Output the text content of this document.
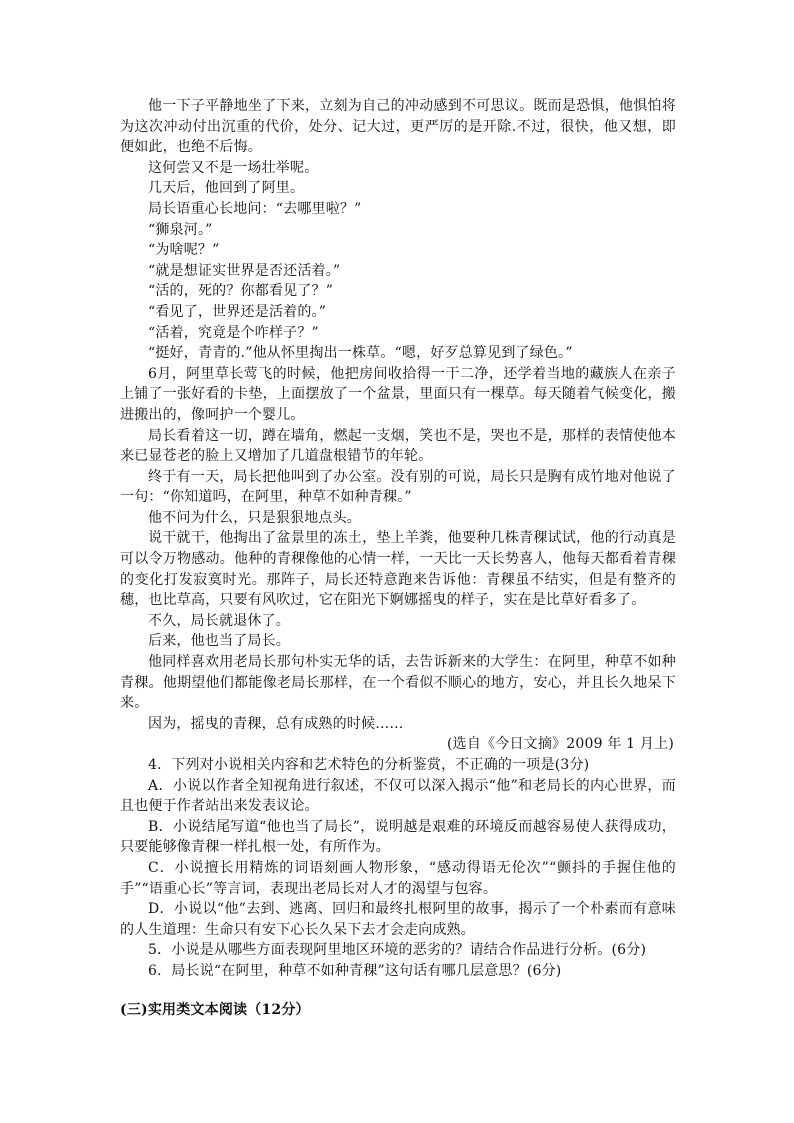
他一下子平静地坐了下来，立刻为自己的冲动感到不可思议。既而是恐惧，他惧怕将为这次冲动付出沉重的代价，处分、记大过，更严厉的是开除.不过，很快，他又想，即便如此，也绝不后悔。

这何尝又不是一场壮举呢。

几天后，他回到了阿里。

局长语重心长地问：“去哪里啦？”

“狮泉河。”

“为啥呢？”

“就是想证实世界是否还活着。”

“活的，死的？你都看见了？”

“看见了，世界还是活着的。”

“活着，究竟是个咋样子？”

“挺好，青青的.”他从怀里掏出一株草。“嗯，好歹总算见到了绿色。”

6月，阿里草长莺飞的时候，他把房间收拾得一干二净，还学着当地的藏族人在亲子上铺了一张好看的卡垫，上面摆放了一个盆景，里面只有一棵草。每天随着气候变化，搬进搬出的，像呵护一个婴儿。

局长看着这一切，蹲在墙角，燃起一支烟，笑也不是，哭也不是，那样的表情使他本来已显苍老的脸上又增加了几道盘根错节的年轮。

终于有一天，局长把他叫到了办公室。没有别的可说，局长只是胸有成竹地对他说了一句：“你知道吗，在阿里，种草不如种青稞。”

他不问为什么，只是狠狠地点头。

说干就干，他掏出了盆景里的冻土，垫上羊粪，他要种几株青稞试试，他的行动真是可以令万物感动。他种的青稞像他的心情一样，一天比一天长势喜人，他每天都看着青稞的变化打发寂寞时光。那阵子，局长还特意跑来告诉他：青稞虽不结实，但是有整齐的穗，也比草高，只要有风吹过，它在阳光下婀娜摇曳的样子，实在是比草好看多了。

不久，局长就退休了。

后来，他也当了局长。

他同样喜欢用老局长那句朴实无华的话，去告诉新来的大学生：在阿里，种草不如种青稞。他期望他们都能像老局长那样，在一个看似不顺心的地方，安心，并且长久地呆下来。

因为，摇曳的青稞，总有成熟的时候……

(选自《今日文摘》2009 年 1 月上)

4．下列对小说相关内容和艺术特色的分析鉴赏，不正确的一项是(3分)

A．小说以作者全知视角进行叙述，不仅可以深入揭示“他”和老局长的内心世界，而且也便于作者站出来发表议论。

B．小说结尾写道“他也当了局长”，说明越是艰难的环境反而越容易使人获得成功，只要能够像青稞一样扎根一处，有所作为。

C．小说擅长用精炼的词语刻画人物形象，“感动得语无伦次”“颤抖的手握住他的手”“语重心长”等言词，表现出老局长对人才的渴望与包容。

D．小说以“他”去到、逃离、回归和最终扎根阿里的故事，揭示了一个朴素而有意味的人生道理：生命只有安下心长久呆下去才会走向成熟。

5．小说是从哪些方面表现阿里地区环境的恶劣的？请结合作品进行分析。(6分)

6．局长说“在阿里，种草不如种青稞”这句话有哪几层意思？(6分)

(三)实用类文本阅读（12分）
